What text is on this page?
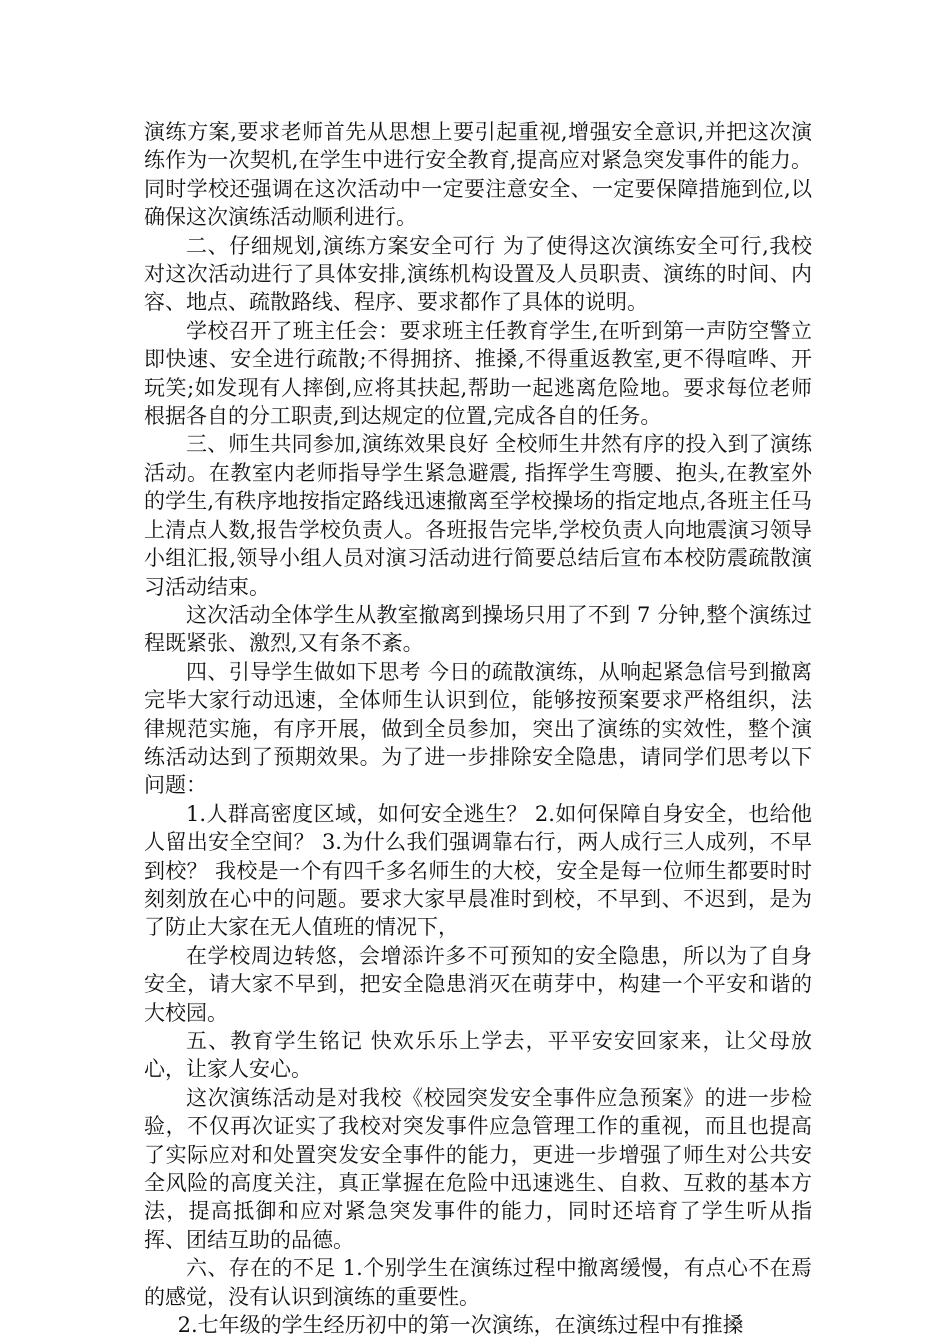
演练方案,要求老师首先从思想上要引起重视,增强安全意识,并把这次演练作为一次契机,在学生中进行安全教育,提高应对紧急突发事件的能力。同时学校还强调在这次活动中一定要注意安全、一定要保障措施到位,以确保这次演练活动顺利进行。

二、仔细规划,演练方案安全可行 为了使得这次演练安全可行,我校对这次活动进行了具体安排,演练机构设置及人员职责、演练的时间、内容、地点、疏散路线、程序、要求都作了具体的说明。

学校召开了班主任会：要求班主任教育学生,在听到第一声防空警立即快速、安全进行疏散;不得拥挤、推搡,不得重返教室,更不得喧哗、开玩笑;如发现有人摔倒,应将其扶起,帮助一起逃离危险地。要求每位老师根据各自的分工职责,到达规定的位置,完成各自的任务。

三、师生共同参加,演练效果良好 全校师生井然有序的投入到了演练活动。在教室内老师指导学生紧急避震, 指挥学生弯腰、抱头,在教室外的学生,有秩序地按指定路线迅速撤离至学校操场的指定地点,各班主任马上清点人数,报告学校负责人。各班报告完毕,学校负责人向地震演习领导小组汇报,领导小组人员对演习活动进行简要总结后宣布本校防震疏散演习活动结束。

这次活动全体学生从教室撤离到操场只用了不到 7 分钟,整个演练过程既紧张、激烈,又有条不紊。

四、引导学生做如下思考 今日的疏散演练，从响起紧急信号到撤离完毕大家行动迅速，全体师生认识到位，能够按预案要求严格组织，法律规范实施，有序开展，做到全员参加，突出了演练的实效性，整个演练活动达到了预期效果。为了进一步排除安全隐患，请同学们思考以下问题：

1.人群高密度区域，如何安全逃生？ 2.如何保障自身安全，也给他人留出安全空间？ 3.为什么我们强调靠右行，两人成行三人成列，不早到校？ 我校是一个有四千多名师生的大校，安全是每一位师生都要时时刻刻放在心中的问题。要求大家早晨准时到校，不早到、不迟到，是为了防止大家在无人值班的情况下，

在学校周边转悠，会增添许多不可预知的安全隐患，所以为了自身安全，请大家不早到，把安全隐患消灭在萌芽中，构建一个平安和谐的大校园。

五、教育学生铭记 快欢乐乐上学去，平平安安回家来，让父母放心，让家人安心。

这次演练活动是对我校《校园突发安全事件应急预案》的进一步检验，不仅再次证实了我校对突发事件应急管理工作的重视，而且也提高了实际应对和处置突发安全事件的能力，更进一步增强了师生对公共安全风险的高度关注，真正掌握在危险中迅速逃生、自救、互救的基本方法，提高抵御和应对紧急突发事件的能力，同时还培育了学生听从指挥、团结互助的品德。

六、存在的不足 1.个别学生在演练过程中撤离缓慢，有点心不在焉的感觉，没有认识到演练的重要性。

2.七年级的学生经历初中的第一次演练，在演练过程中有推搡
